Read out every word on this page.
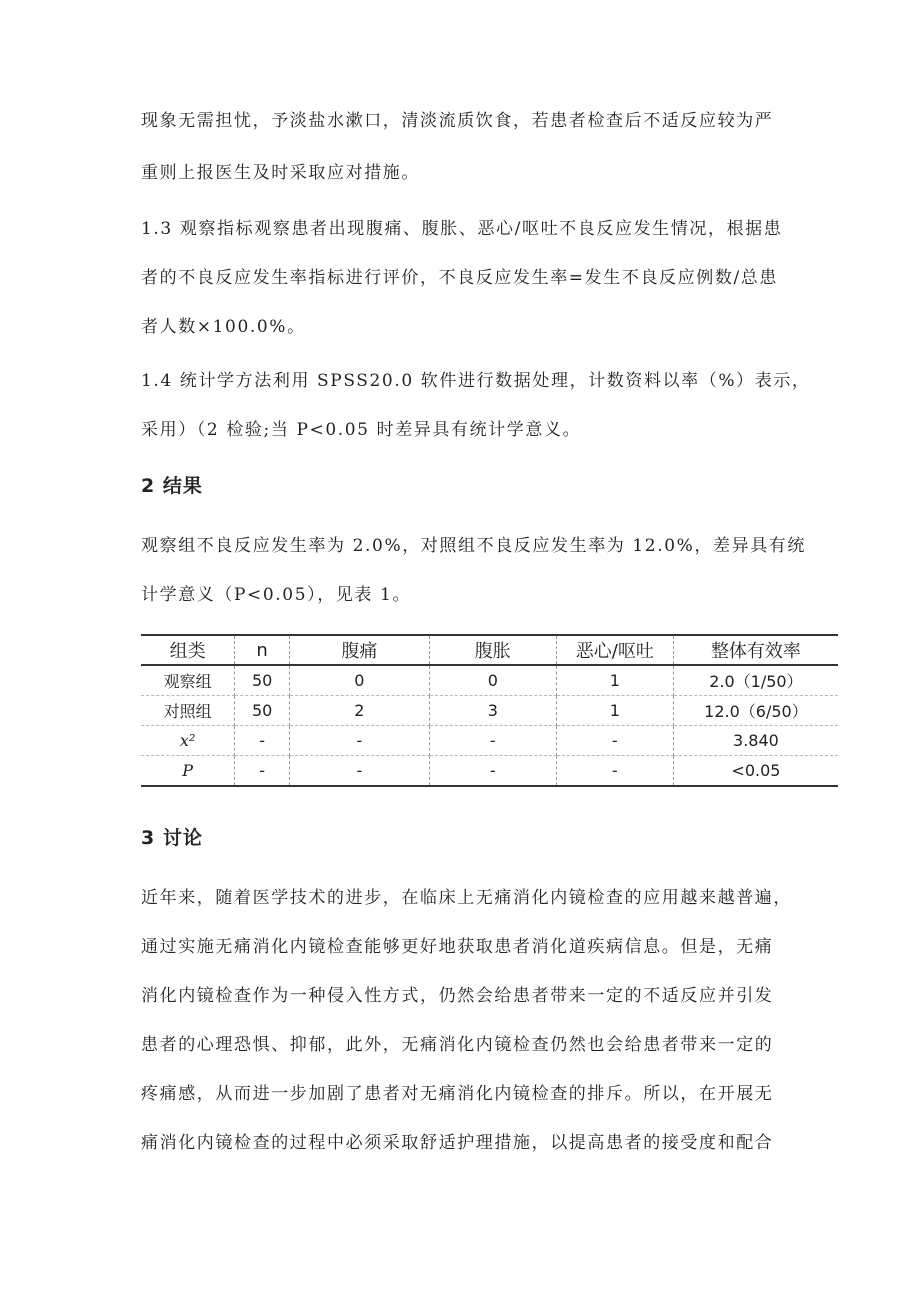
现象无需担忧，予淡盐水漱口，清淡流质饮食，若患者检查后不适反应较为严
重则上报医生及时采取应对措施。
1.3 观察指标观察患者出现腹痛、腹胀、恶心/呕吐不良反应发生情况，根据患
者的不良反应发生率指标进行评价，不良反应发生率=发生不良反应例数/总患
者人数×100.0%。
1.4 统计学方法利用 SPSS20.0 软件进行数据处理，计数资料以率（%）表示，
采用）（2 检验;当 P<0.05 时差异具有统计学意义。
2 结果
观察组不良反应发生率为 2.0%，对照组不良反应发生率为 12.0%，差异具有统
计学意义（P<0.05），见表 1。
组类	n	腹痛	腹胀	恶心/呕吐	整体有效率
观察组	50	0	0	1	2.0（1/50）
对照组	50	2	3	1	12.0（6/50）
x²	-	-	-	-	3.840
P	-	-	-	-	<0.05
3 讨论
近年来，随着医学技术的进步，在临床上无痛消化内镜检查的应用越来越普遍，
通过实施无痛消化内镜检查能够更好地获取患者消化道疾病信息。但是，无痛
消化内镜检查作为一种侵入性方式，仍然会给患者带来一定的不适反应并引发
患者的心理恐惧、抑郁，此外，无痛消化内镜检查仍然也会给患者带来一定的
疼痛感，从而进一步加剧了患者对无痛消化内镜检查的排斥。所以，在开展无
痛消化内镜检查的过程中必须采取舒适护理措施，以提高患者的接受度和配合
